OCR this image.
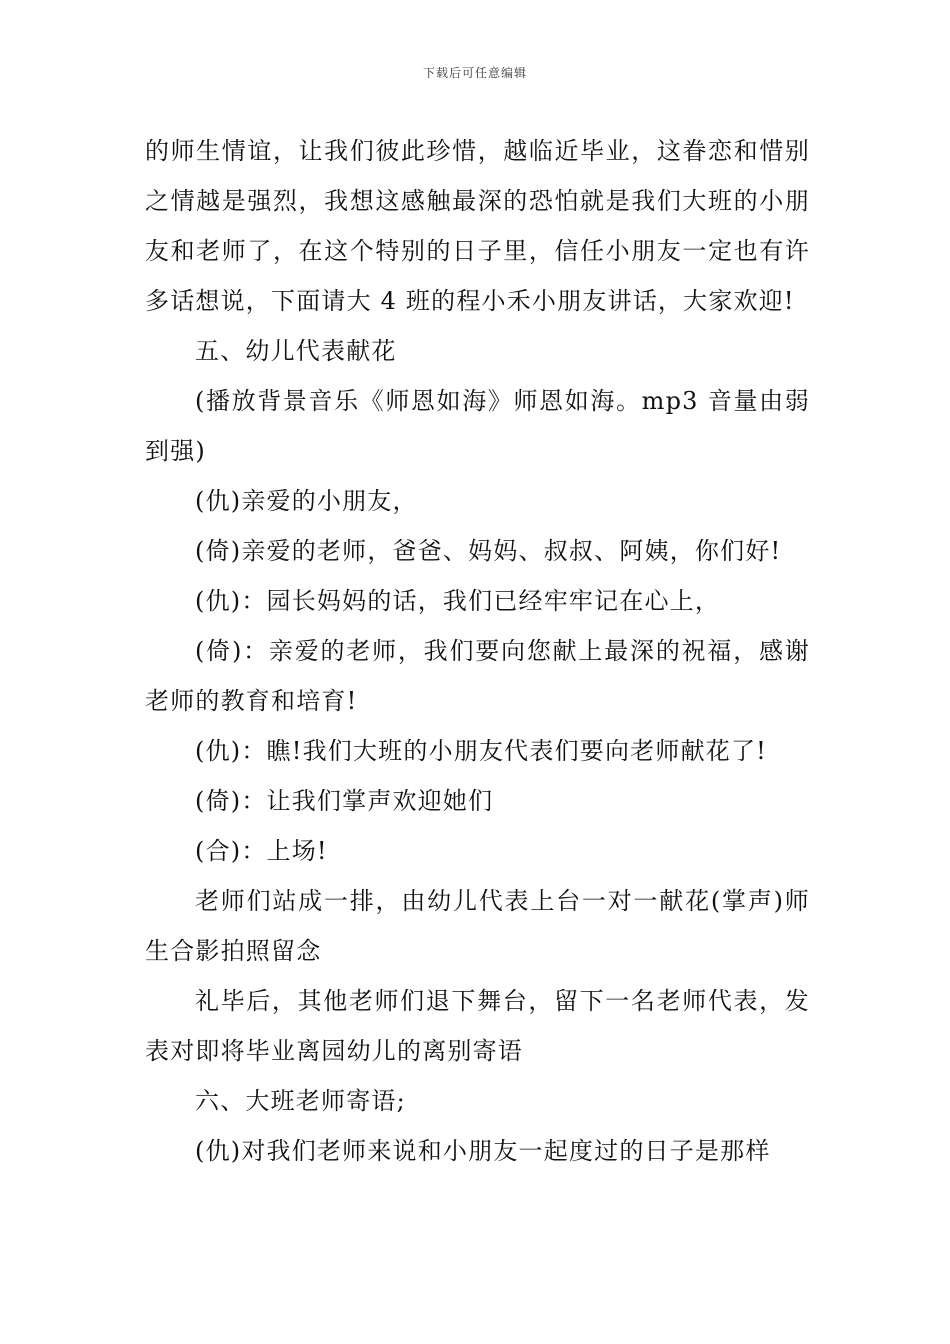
下载后可任意编辑

的师生情谊，让我们彼此珍惜，越临近毕业，这眷恋和惜别之情越是强烈，我想这感触最深的恐怕就是我们大班的小朋友和老师了，在这个特别的日子里，信任小朋友一定也有许多话想说，下面请大 4 班的程小禾小朋友讲话，大家欢迎!

五、幼儿代表献花

(播放背景音乐《师恩如海》师恩如海。mp3 音量由弱到强)

(仇)亲爱的小朋友，

(倚)亲爱的老师，爸爸、妈妈、叔叔、阿姨，你们好!

(仇)：园长妈妈的话，我们已经牢牢记在心上，

(倚)：亲爱的老师，我们要向您献上最深的祝福，感谢老师的教育和培育!

(仇)：瞧!我们大班的小朋友代表们要向老师献花了!

(倚)：让我们掌声欢迎她们

(合)：上场!

老师们站成一排，由幼儿代表上台一对一献花(掌声)师生合影拍照留念

礼毕后，其他老师们退下舞台，留下一名老师代表，发表对即将毕业离园幼儿的离别寄语

六、大班老师寄语;

(仇)对我们老师来说和小朋友一起度过的日子是那样
